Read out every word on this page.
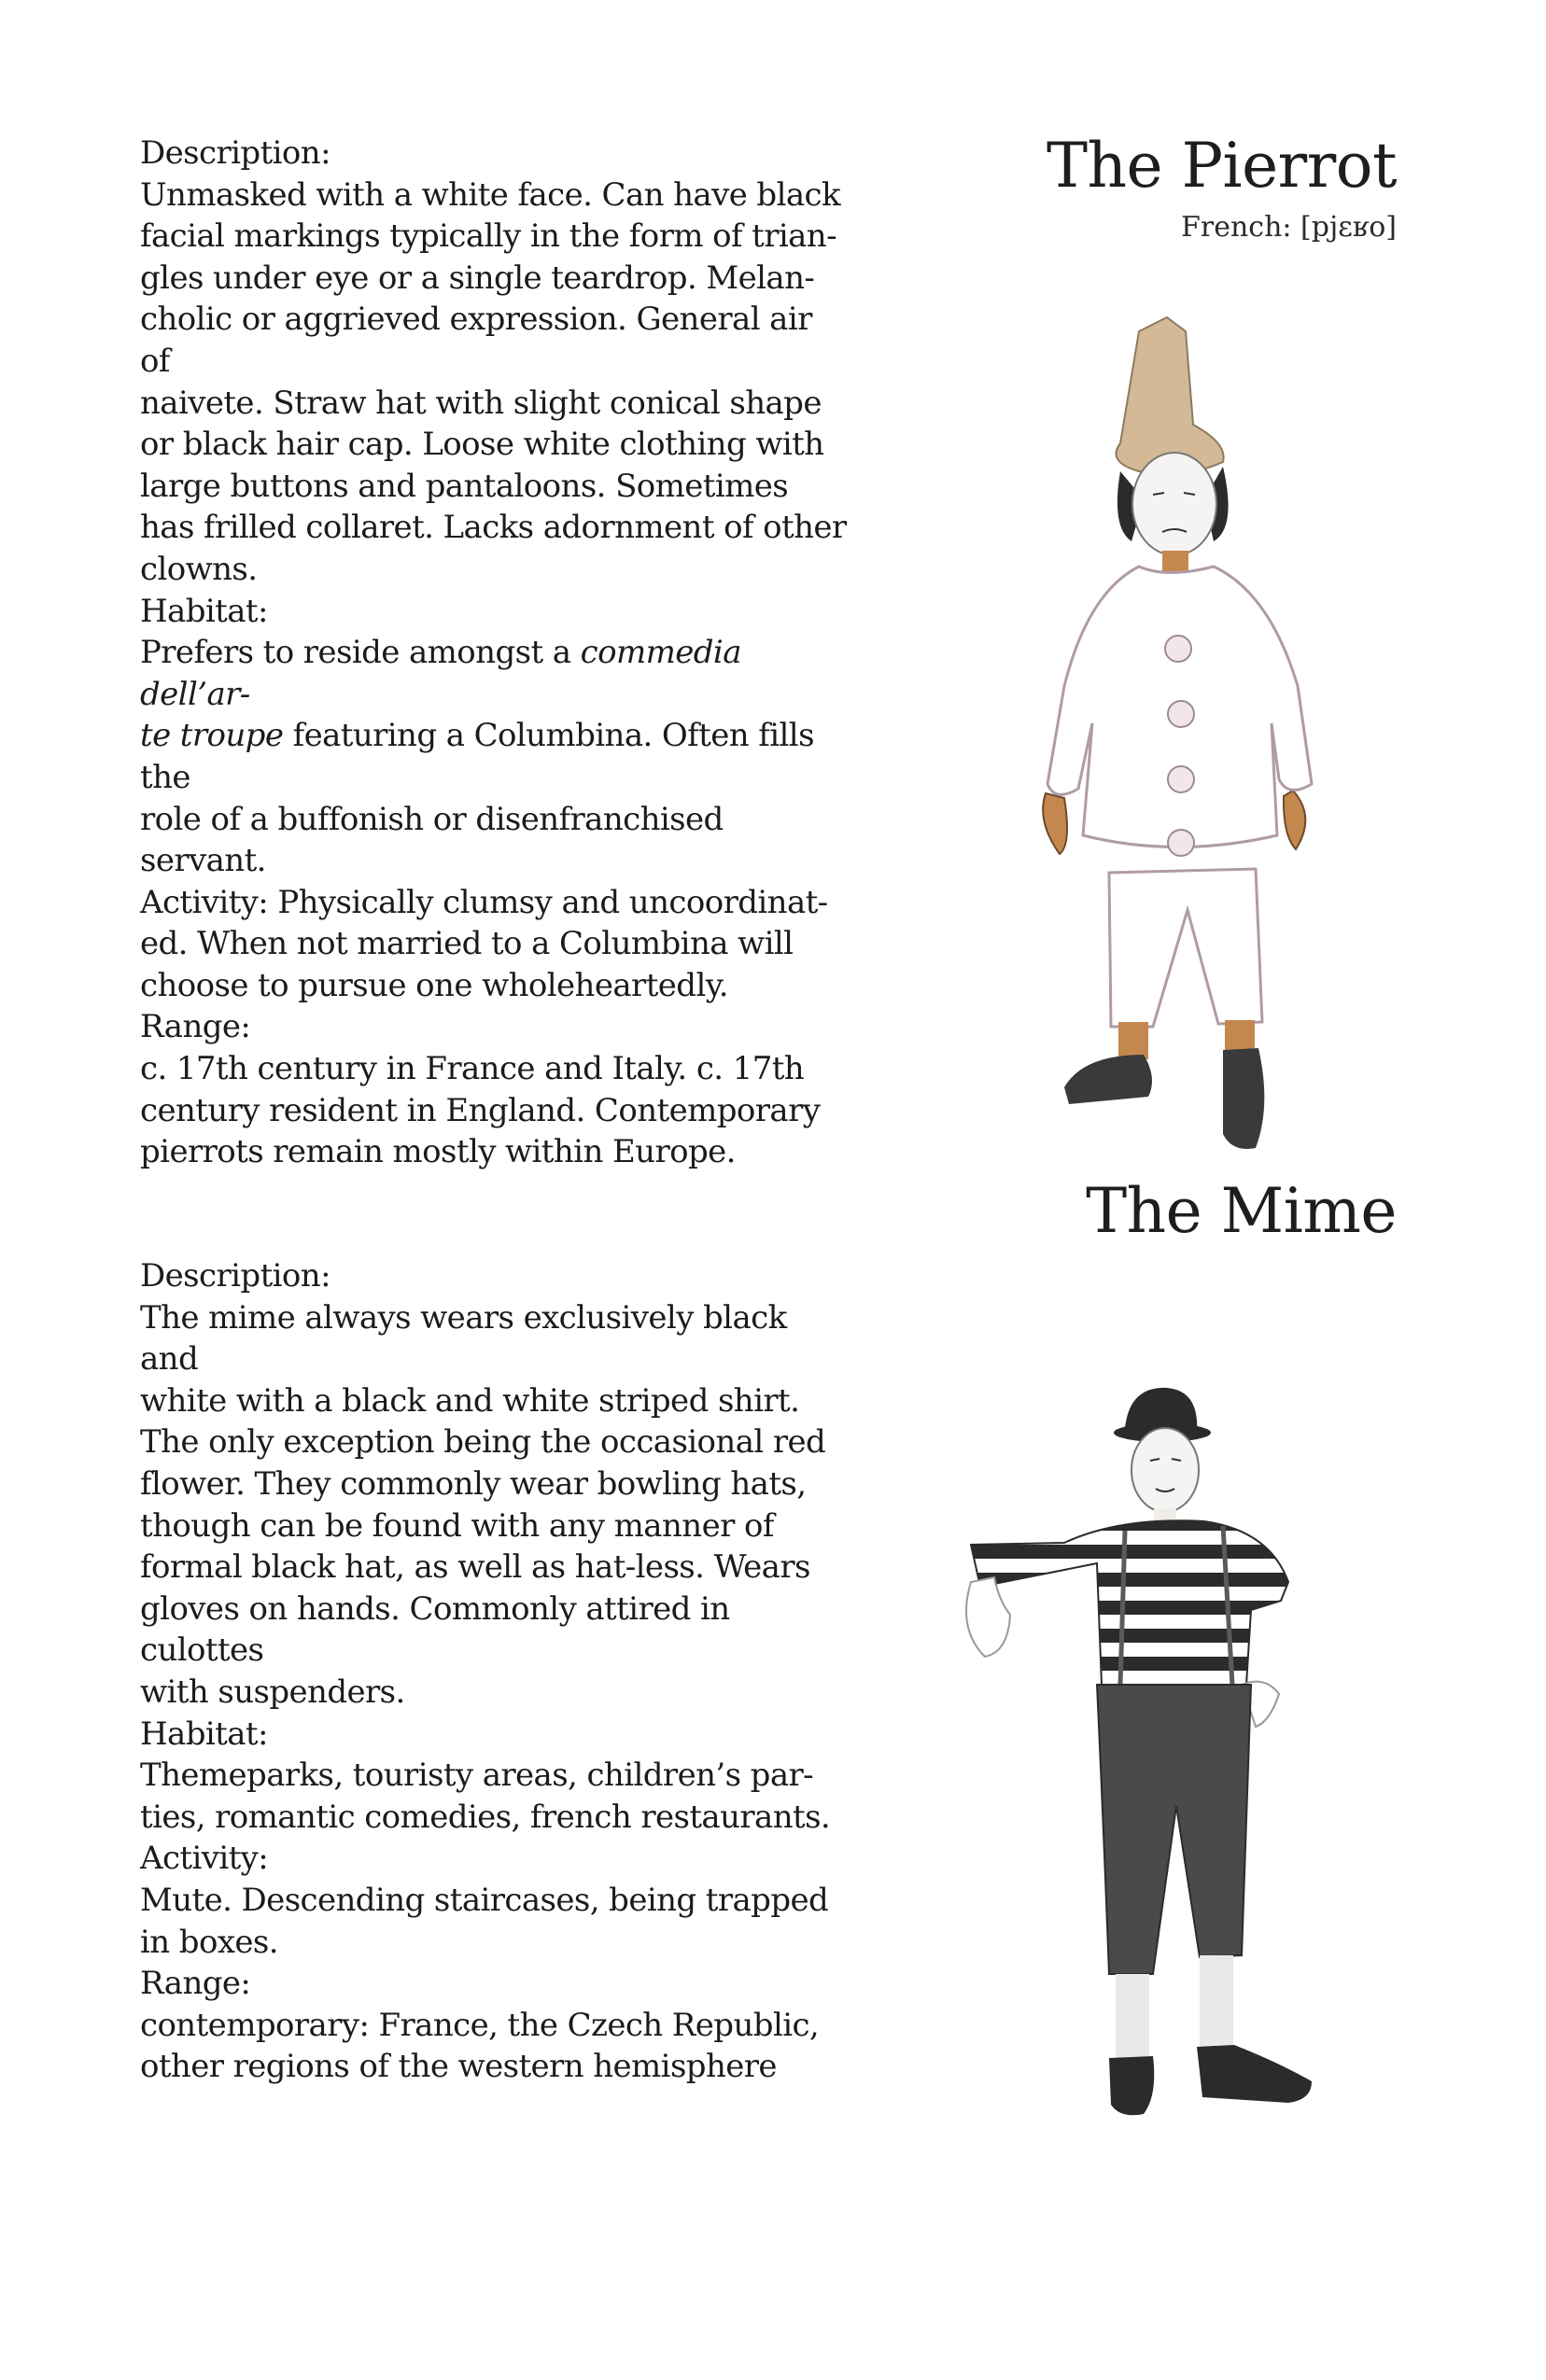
Description:

Unmasked with a white face. Can have black
facial markings typically in the form of trian-
gles under eye or a single teardrop. Melan-
cholic or aggrieved expression. General air of
naivete. Straw hat with slight conical shape
or black hair cap. Loose white clothing with
large buttons and pantaloons. Sometimes
has frilled collaret. Lacks adornment of other
clowns.

Habitat:

Prefers to reside amongst a commedia dell’ar-
te troupe featuring a Columbina. Often fills the
role of a buffonish or disenfranchised servant.

Activity: Physically clumsy and uncoordinat-
ed. When not married to a Columbina will
choose to pursue one wholeheartedly.

Range:

c. 17th century in France and Italy. c. 17th
century resident in England. Contemporary
pierrots remain mostly within Europe.

The Pierrot

French: [pjɛʁo]

The Mime

Description:

The mime always wears exclusively black and
white with a black and white striped shirt.
The only exception being the occasional red
flower. They commonly wear bowling hats,
though can be found with any manner of
formal black hat, as well as hat-less. Wears
gloves on hands. Commonly attired in culottes
with suspenders.

Habitat:

Themeparks, touristy areas, children’s par-
ties, romantic comedies, french restaurants.

Activity:

Mute. Descending staircases, being trapped
in boxes.

Range:

contemporary: France, the Czech Republic,
other regions of the western hemisphere
